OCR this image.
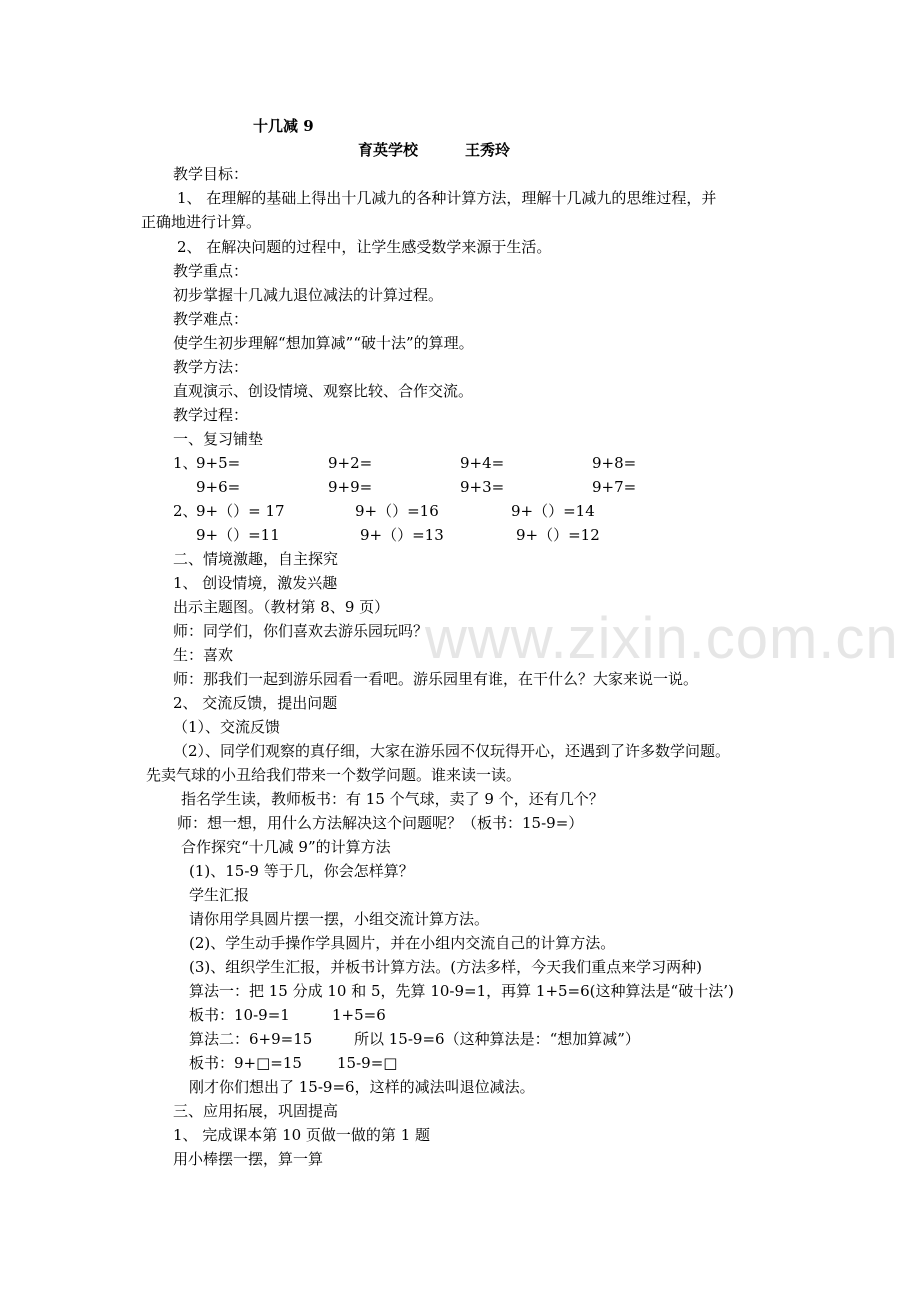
www.zixin.com.cn
十几减 9
育英学校	王秀玲
教学目标：
1、 在理解的基础上得出十几减九的各种计算方法，理解十几减九的思维过程，并
正确地进行计算。
2、 在解决问题的过程中，让学生感受数学来源于生活。
教学重点：
初步掌握十几减九退位减法的计算过程。
教学难点：
使学生初步理解“想加算减”“破十法”的算理。
教学方法：
直观演示、创设情境、观察比较、合作交流。
教学过程：
一、复习铺垫
1、
9+5=	9+2=	9+4=	9+8=
9+6=	9+9=	9+3=	9+7=
2、
9+（）= 17	9+（）=16	9+（）=14
9+（）=11	9+（）=13	9+（）=12
二、情境激趣，自主探究
1、 创设情境，激发兴趣
出示主题图。（教材第 8、9 页）
师：同学们，你们喜欢去游乐园玩吗？
生：喜欢
师：那我们一起到游乐园看一看吧。游乐园里有谁，在干什么？大家来说一说。
2、 交流反馈，提出问题
（1）、交流反馈
（2）、同学们观察的真仔细，大家在游乐园不仅玩得开心，还遇到了许多数学问题。
先卖气球的小丑给我们带来一个数学问题。谁来读一读。
指名学生读，教师板书：有 15 个气球，卖了 9 个，还有几个？
师：想一想，用什么方法解决这个问题呢？（板书：15-9=）
合作探究“十几减 9”的计算方法
(1)、15-9 等于几，你会怎样算？
学生汇报
请你用学具圆片摆一摆，小组交流计算方法。
(2)、学生动手操作学具圆片，并在小组内交流自己的计算方法。
(3)、组织学生汇报，并板书计算方法。(方法多样，今天我们重点来学习两种)
算法一：把 15 分成 10 和 5，先算 10-9=1，再算 1+5=6(这种算法是“破十法’)
板书：10-9=1	1+5=6
算法二：6+9=15	所以 15-9=6（这种算法是：“想加算减”）
板书：9+□=15 15-9=□
刚才你们想出了 15-9=6，这样的减法叫退位减法。
三、应用拓展，巩固提高
1、 完成课本第 10 页做一做的第 1 题
用小棒摆一摆，算一算
